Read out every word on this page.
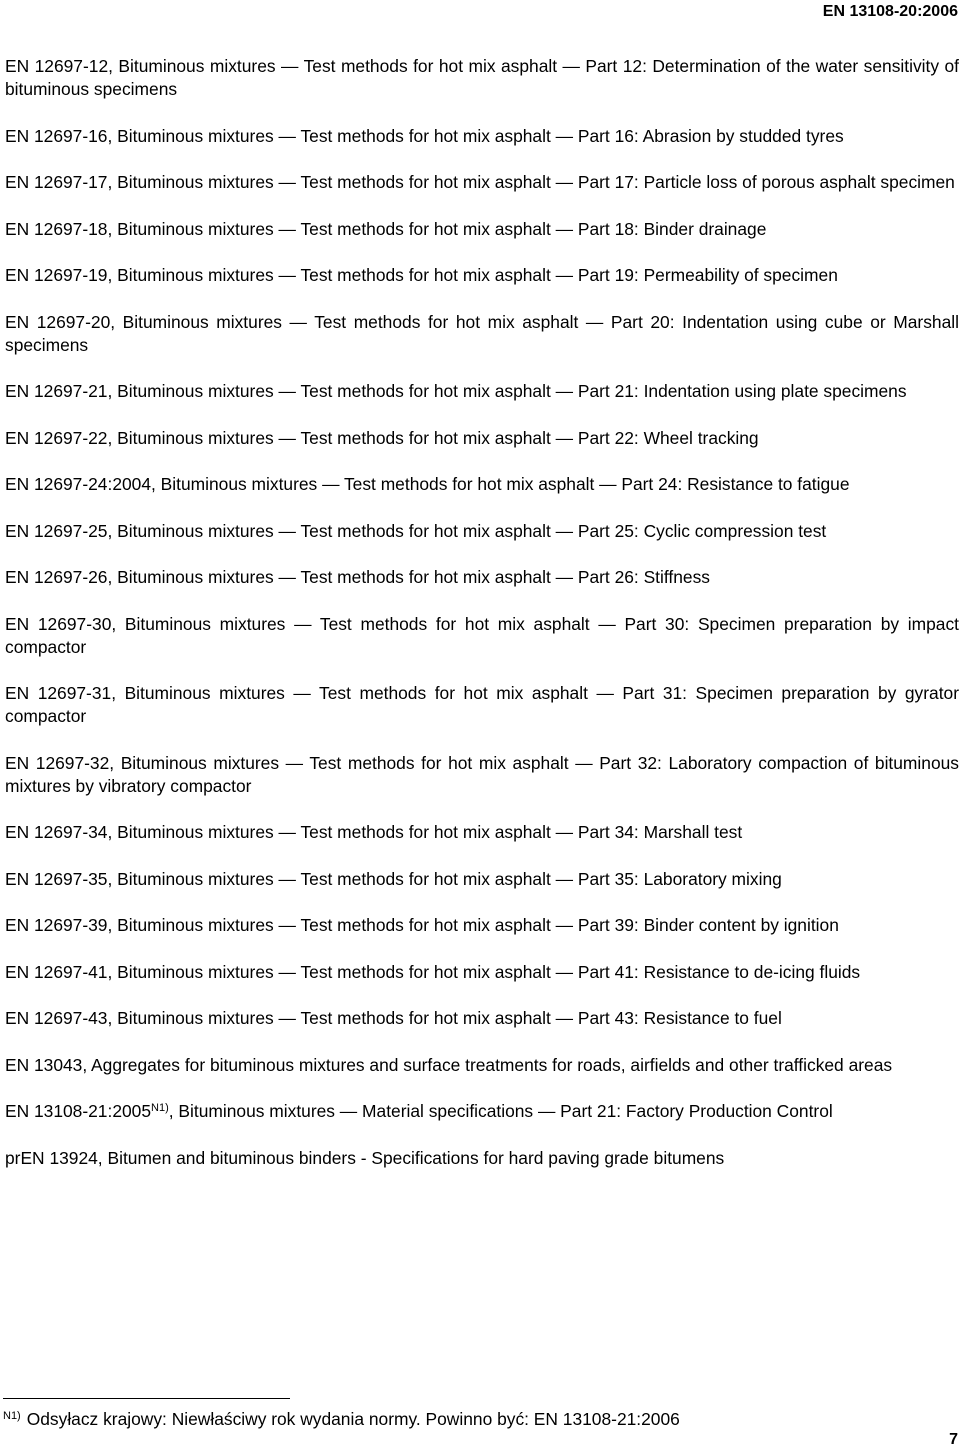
EN 13108-20:2006

EN 12697-12, Bituminous mixtures — Test methods for hot mix asphalt — Part 12: Determination of the water sensitivity of bituminous specimens

EN 12697-16, Bituminous mixtures — Test methods for hot mix asphalt — Part 16: Abrasion by studded tyres

EN 12697-17, Bituminous mixtures — Test methods for hot mix asphalt — Part 17: Particle loss of porous asphalt specimen

EN 12697-18, Bituminous mixtures — Test methods for hot mix asphalt — Part 18: Binder drainage

EN 12697-19, Bituminous mixtures — Test methods for hot mix asphalt — Part 19: Permeability of specimen

EN 12697-20, Bituminous mixtures — Test methods for hot mix asphalt — Part 20: Indentation using cube or Marshall specimens

EN 12697-21, Bituminous mixtures — Test methods for hot mix asphalt — Part 21: Indentation using plate specimens

EN 12697-22, Bituminous mixtures — Test methods for hot mix asphalt — Part 22: Wheel tracking

EN 12697-24:2004, Bituminous mixtures — Test methods for hot mix asphalt — Part 24: Resistance to fatigue

EN 12697-25, Bituminous mixtures — Test methods for hot mix asphalt — Part 25: Cyclic compression test

EN 12697-26, Bituminous mixtures — Test methods for hot mix asphalt — Part 26: Stiffness

EN 12697-30, Bituminous mixtures — Test methods for hot mix asphalt — Part 30: Specimen preparation by impact compactor

EN 12697-31, Bituminous mixtures — Test methods for hot mix asphalt — Part 31: Specimen preparation by gyrator compactor

EN 12697-32, Bituminous mixtures — Test methods for hot mix asphalt — Part 32: Laboratory compaction of bituminous mixtures by vibratory compactor

EN 12697-34, Bituminous mixtures — Test methods for hot mix asphalt — Part 34: Marshall test

EN 12697-35, Bituminous mixtures — Test methods for hot mix asphalt — Part 35: Laboratory mixing

EN 12697-39, Bituminous mixtures — Test methods for hot mix asphalt — Part 39: Binder content by ignition

EN 12697-41, Bituminous mixtures — Test methods for hot mix asphalt — Part 41: Resistance to de-icing fluids

EN 12697-43, Bituminous mixtures — Test methods for hot mix asphalt — Part 43: Resistance to fuel

EN 13043, Aggregates for bituminous mixtures and surface treatments for roads, airfields and other trafficked areas

EN $13108-21:2005^{N1)}$, Bituminous mixtures — Material specifications — Part 21: Factory Production Control

prEN 13924, Bitumen and bituminous binders - Specifications for hard paving grade bitumens

$^{N1)}$ Odsyłacz krajowy: Niewłaściwy rok wydania normy. Powinno być: EN 13108-21:2006
7
